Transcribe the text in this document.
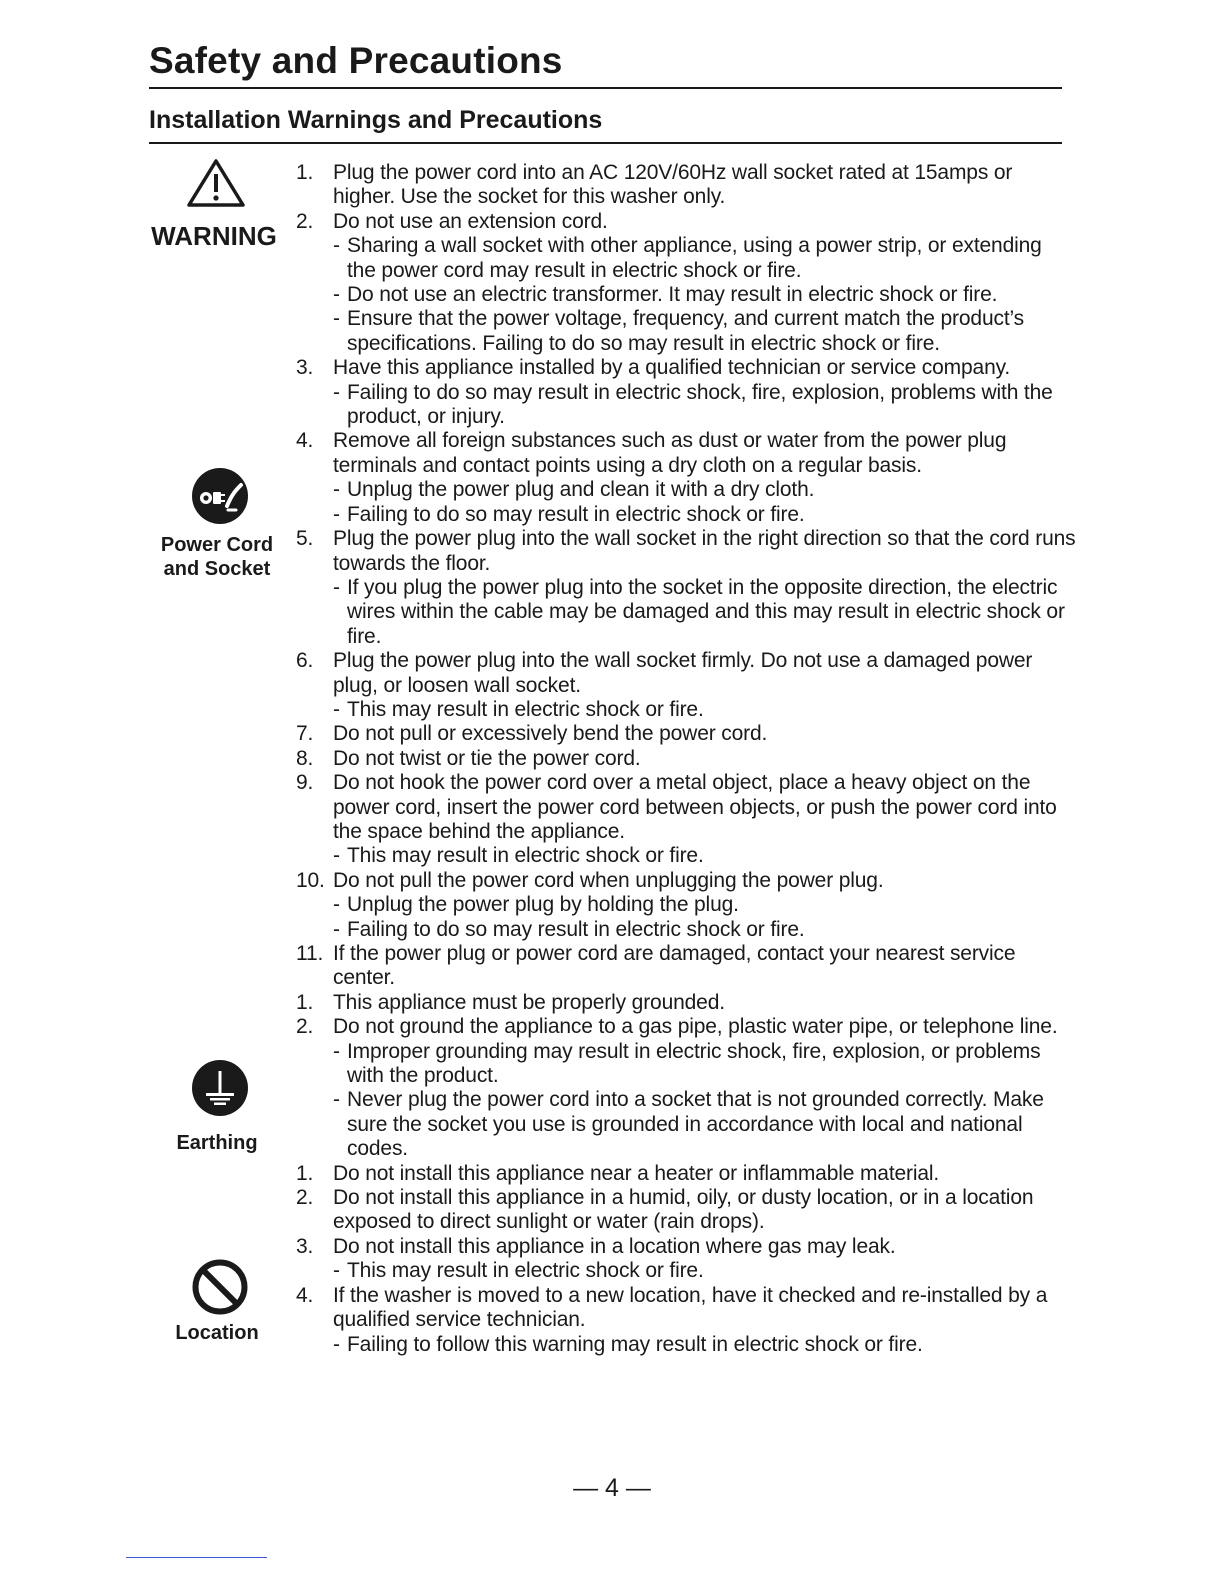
Safety and Precautions
Installation Warnings and Precautions
WARNING
Power Cord
and Socket
Earthing
Location
1. Plug the power cord into an AC 120V/60Hz wall socket rated at 15amps or higher. Use the socket for this washer only.
2. Do not use an extension cord.
- Sharing a wall socket with other appliance, using a power strip, or extending the power cord may result in electric shock or fire.
- Do not use an electric transformer. It may result in electric shock or fire.
- Ensure that the power voltage, frequency, and current match the product’s specifications. Failing to do so may result in electric shock or fire.
3. Have this appliance installed by a qualified technician or service company.
- Failing to do so may result in electric shock, fire, explosion, problems with the product, or injury.
4. Remove all foreign substances such as dust or water from the power plug terminals and contact points using a dry cloth on a regular basis.
- Unplug the power plug and clean it with a dry cloth.
- Failing to do so may result in electric shock or fire.
5. Plug the power plug into the wall socket in the right direction so that the cord runs towards the floor.
- If you plug the power plug into the socket in the opposite direction, the electric wires within the cable may be damaged and this may result in electric shock or fire.
6. Plug the power plug into the wall socket firmly. Do not use a damaged power plug, or loosen wall socket.
- This may result in electric shock or fire.
7. Do not pull or excessively bend the power cord.
8. Do not twist or tie the power cord.
9. Do not hook the power cord over a metal object, place a heavy object on the power cord, insert the power cord between objects, or push the power cord into the space behind the appliance.
- This may result in electric shock or fire.
10. Do not pull the power cord when unplugging the power plug.
- Unplug the power plug by holding the plug.
- Failing to do so may result in electric shock or fire.
11. If the power plug or power cord are damaged, contact your nearest service center.
1. This appliance must be properly grounded.
2. Do not ground the appliance to a gas pipe, plastic water pipe, or telephone line.
- Improper grounding may result in electric shock, fire, explosion, or problems with the product.
- Never plug the power cord into a socket that is not grounded correctly. Make sure the socket you use is grounded in accordance with local and national codes.
1. Do not install this appliance near a heater or inflammable material.
2. Do not install this appliance in a humid, oily, or dusty location, or in a location exposed to direct sunlight or water (rain drops).
3. Do not install this appliance in a location where gas may leak.
- This may result in electric shock or fire.
4. If the washer is moved to a new location, have it checked and re-installed by a qualified service technician.
- Failing to follow this warning may result in electric shock or fire.
— 4 —
